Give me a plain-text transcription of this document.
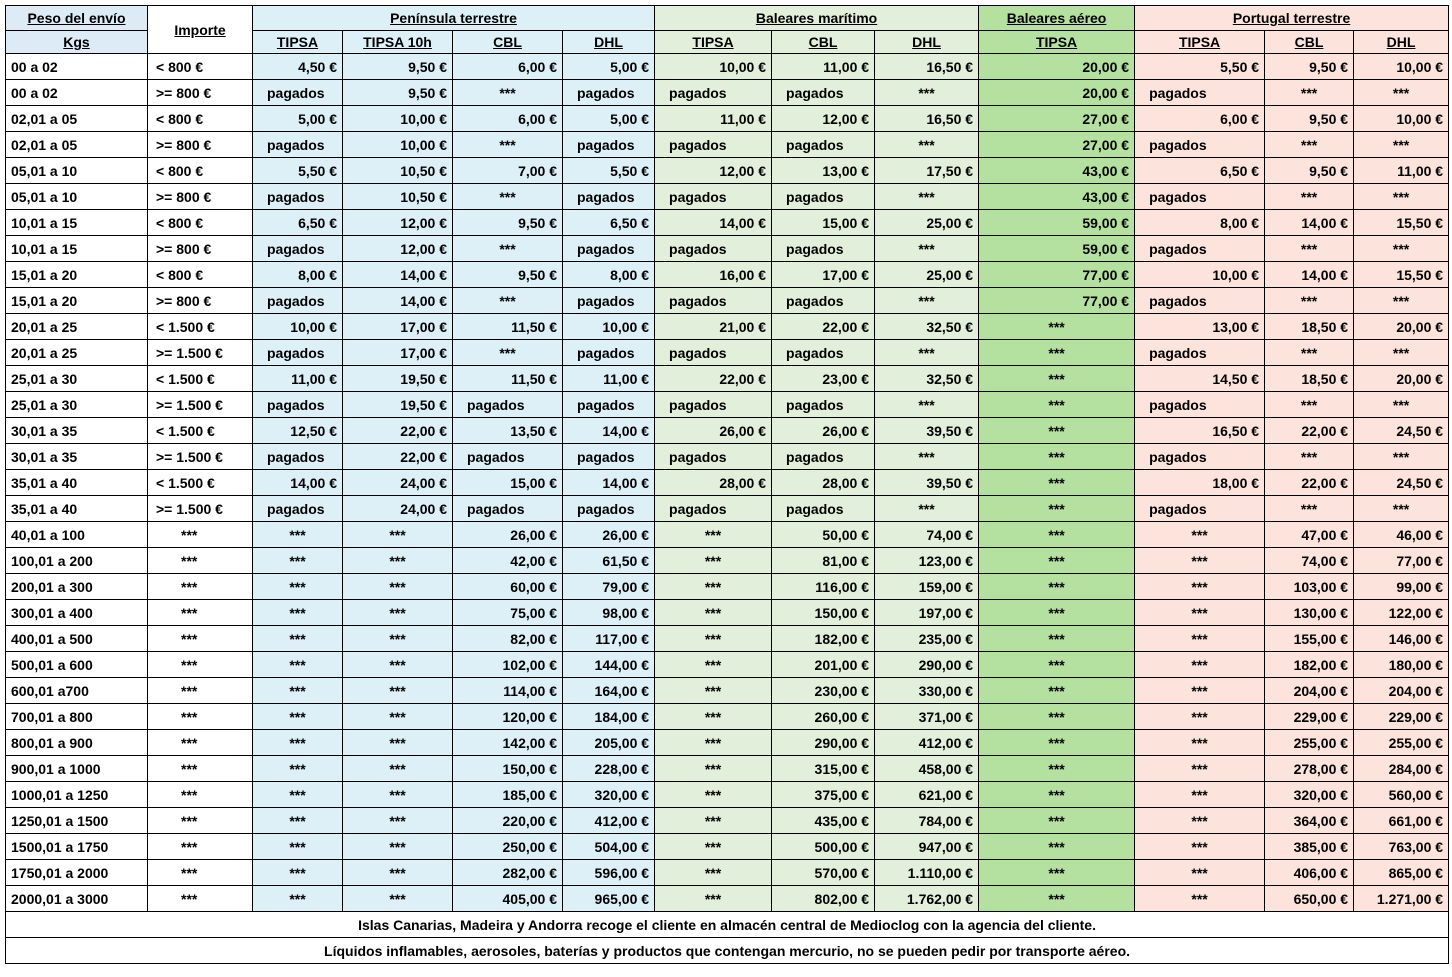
Peso del envío	Importe	Península terrestre				Baleares marítimo			Baleares aéreo	Portugal terrestre		
Kgs		TIPSA	TIPSA 10h	CBL	DHL	TIPSA	CBL	DHL	TIPSA	TIPSA	CBL	DHL
00 a 02	< 800 €	4,50 €	9,50 €	6,00 €	5,00 €	10,00 €	11,00 €	16,50 €	20,00 €	5,50 €	9,50 €	10,00 €
00 a 02	>= 800 €	pagados	9,50 €	***	pagados	pagados	pagados	***	20,00 €	pagados	***	***
02,01 a 05	< 800 €	5,00 €	10,00 €	6,00 €	5,00 €	11,00 €	12,00 €	16,50 €	27,00 €	6,00 €	9,50 €	10,00 €
02,01 a 05	>= 800 €	pagados	10,00 €	***	pagados	pagados	pagados	***	27,00 €	pagados	***	***
05,01 a 10	< 800 €	5,50 €	10,50 €	7,00 €	5,50 €	12,00 €	13,00 €	17,50 €	43,00 €	6,50 €	9,50 €	11,00 €
05,01 a 10	>= 800 €	pagados	10,50 €	***	pagados	pagados	pagados	***	43,00 €	pagados	***	***
10,01 a 15	< 800 €	6,50 €	12,00 €	9,50 €	6,50 €	14,00 €	15,00 €	25,00 €	59,00 €	8,00 €	14,00 €	15,50 €
10,01 a 15	>= 800 €	pagados	12,00 €	***	pagados	pagados	pagados	***	59,00 €	pagados	***	***
15,01 a 20	< 800 €	8,00 €	14,00 €	9,50 €	8,00 €	16,00 €	17,00 €	25,00 €	77,00 €	10,00 €	14,00 €	15,50 €
15,01 a 20	>= 800 €	pagados	14,00 €	***	pagados	pagados	pagados	***	77,00 €	pagados	***	***
20,01 a 25	< 1.500 €	10,00 €	17,00 €	11,50 €	10,00 €	21,00 €	22,00 €	32,50 €	***	13,00 €	18,50 €	20,00 €
20,01 a 25	>= 1.500 €	pagados	17,00 €	***	pagados	pagados	pagados	***	***	pagados	***	***
25,01 a 30	< 1.500 €	11,00 €	19,50 €	11,50 €	11,00 €	22,00 €	23,00 €	32,50 €	***	14,50 €	18,50 €	20,00 €
25,01 a 30	>= 1.500 €	pagados	19,50 €	pagados	pagados	pagados	pagados	***	***	pagados	***	***
30,01 a 35	< 1.500 €	12,50 €	22,00 €	13,50 €	14,00 €	26,00 €	26,00 €	39,50 €	***	16,50 €	22,00 €	24,50 €
30,01 a 35	>= 1.500 €	pagados	22,00 €	pagados	pagados	pagados	pagados	***	***	pagados	***	***
35,01 a 40	< 1.500 €	14,00 €	24,00 €	15,00 €	14,00 €	28,00 €	28,00 €	39,50 €	***	18,00 €	22,00 €	24,50 €
35,01 a 40	>= 1.500 €	pagados	24,00 €	pagados	pagados	pagados	pagados	***	***	pagados	***	***
40,01 a 100	***	***	***	26,00 €	26,00 €	***	50,00 €	74,00 €	***	***	47,00 €	46,00 €
100,01 a 200	***	***	***	42,00 €	61,50 €	***	81,00 €	123,00 €	***	***	74,00 €	77,00 €
200,01 a 300	***	***	***	60,00 €	79,00 €	***	116,00 €	159,00 €	***	***	103,00 €	99,00 €
300,01 a 400	***	***	***	75,00 €	98,00 €	***	150,00 €	197,00 €	***	***	130,00 €	122,00 €
400,01 a 500	***	***	***	82,00 €	117,00 €	***	182,00 €	235,00 €	***	***	155,00 €	146,00 €
500,01 a 600	***	***	***	102,00 €	144,00 €	***	201,00 €	290,00 €	***	***	182,00 €	180,00 €
600,01 a700	***	***	***	114,00 €	164,00 €	***	230,00 €	330,00 €	***	***	204,00 €	204,00 €
700,01 a 800	***	***	***	120,00 €	184,00 €	***	260,00 €	371,00 €	***	***	229,00 €	229,00 €
800,01 a 900	***	***	***	142,00 €	205,00 €	***	290,00 €	412,00 €	***	***	255,00 €	255,00 €
900,01 a 1000	***	***	***	150,00 €	228,00 €	***	315,00 €	458,00 €	***	***	278,00 €	284,00 €
1000,01 a 1250	***	***	***	185,00 €	320,00 €	***	375,00 €	621,00 €	***	***	320,00 €	560,00 €
1250,01 a 1500	***	***	***	220,00 €	412,00 €	***	435,00 €	784,00 €	***	***	364,00 €	661,00 €
1500,01 a 1750	***	***	***	250,00 €	504,00 €	***	500,00 €	947,00 €	***	***	385,00 €	763,00 €
1750,01 a 2000	***	***	***	282,00 €	596,00 €	***	570,00 €	1.110,00 €	***	***	406,00 €	865,00 €
2000,01 a 3000	***	***	***	405,00 €	965,00 €	***	802,00 €	1.762,00 €	***	***	650,00 €	1.271,00 €
Islas Canarias, Madeira y Andorra recoge el cliente en almacén central de Medioclog con la agencia del cliente.												
Líquidos inflamables, aerosoles, baterías y productos que contengan mercurio, no se pueden pedir por transporte aéreo.												
